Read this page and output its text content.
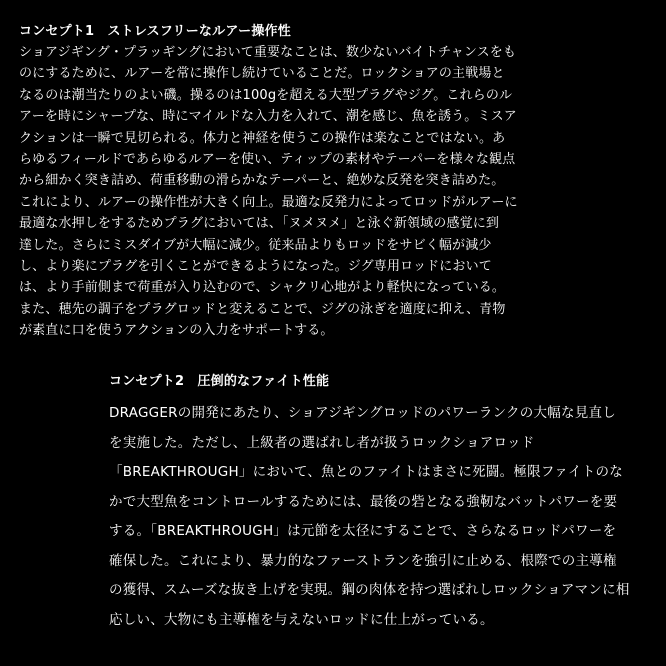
コンセプト1　ストレスフリーなルアー操作性
ショアジギング・プラッギングにおいて重要なことは、数少ないバイトチャンスをも
のにするために、ルアーを常に操作し続けていることだ。ロックショアの主戦場と
なるのは潮当たりのよい磯。操るのは100gを超える大型プラグやジグ。これらのル
アーを時にシャープな、時にマイルドな入力を入れて、潮を感じ、魚を誘う。ミスア
クションは一瞬で見切られる。体力と神経を使うこの操作は楽なことではない。あ
らゆるフィールドであらゆるルアーを使い、ティップの素材やテーパーを様々な観点
から細かく突き詰め、荷重移動の滑らかなテーパーと、絶妙な反発を突き詰めた。
これにより、ルアーの操作性が大きく向上。最適な反発力によってロッドがルアーに
最適な水押しをするためプラグにおいては、「ヌメヌメ」と泳ぐ新領域の感覚に到
達した。さらにミスダイブが大幅に減少。従来品よりもロッドをサビく幅が減少
し、より楽にプラグを引くことができるようになった。ジグ専用ロッドにおいて
は、より手前側まで荷重が入り込むので、シャクリ心地がより軽快になっている。
また、穂先の調子をプラグロッドと変えることで、ジグの泳ぎを適度に抑え、青物
が素直に口を使うアクションの入力をサポートする。
コンセプト2　圧倒的なファイト性能
DRAGGERの開発にあたり、ショアジギングロッドのパワーランクの大幅な見直し
を実施した。ただし、上級者の選ばれし者が扱うロックショアロッド
「BREAKTHROUGH」において、魚とのファイトはまさに死闘。極限ファイトのな
かで大型魚をコントロールするためには、最後の砦となる強靭なバットパワーを要
する。「BREAKTHROUGH」は元節を太径にすることで、さらなるロッドパワーを
確保した。これにより、暴力的なファーストランを強引に止める、根際での主導権
の獲得、スムーズな抜き上げを実現。鋼の肉体を持つ選ばれしロックショアマンに相
応しい、大物にも主導権を与えないロッドに仕上がっている。
